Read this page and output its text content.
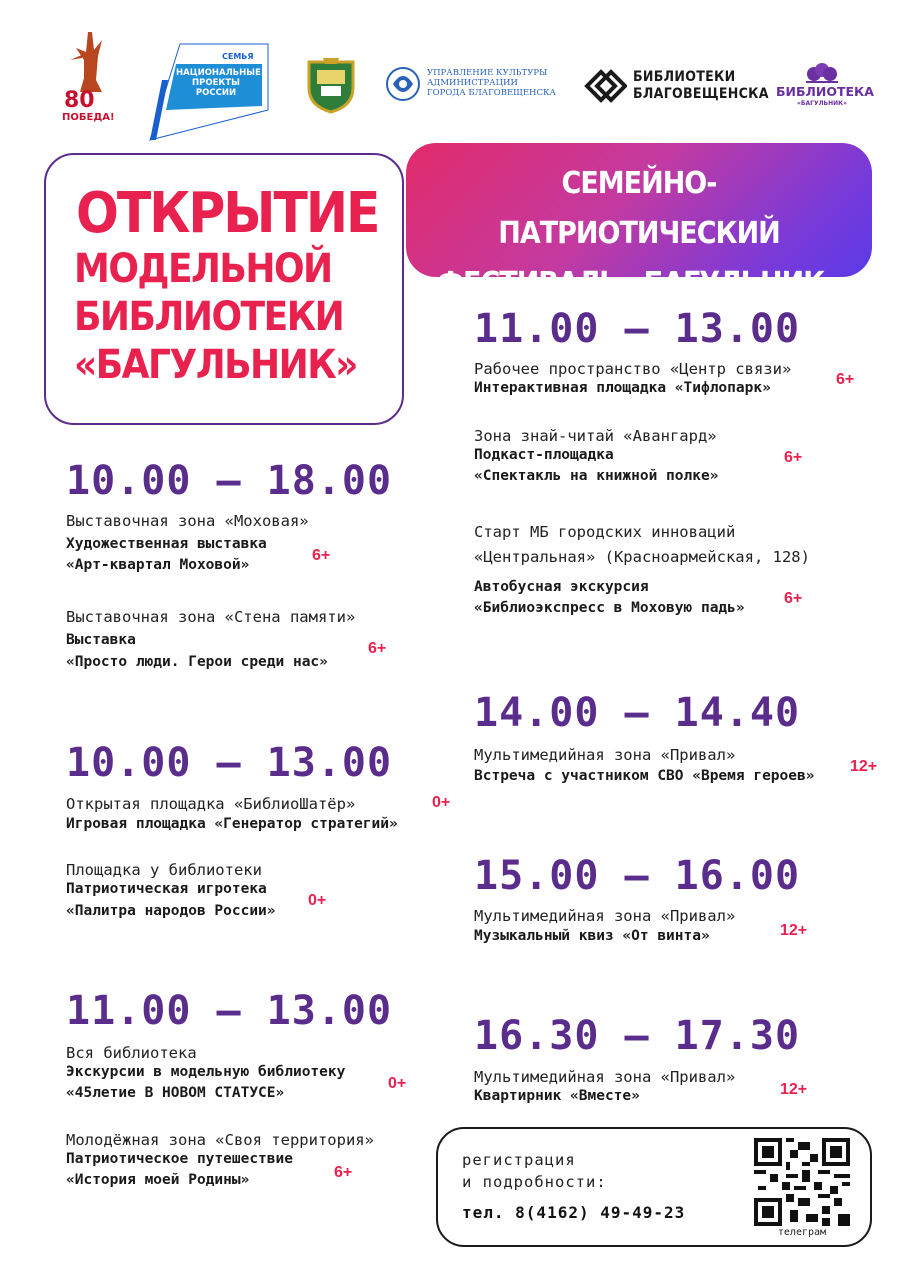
80
ПОБЕДА!
СЕМЬЯ
НАЦИОНАЛЬНЫЕ
ПРОЕКТЫ
РОССИИ
УПРАВЛЕНИЕ КУЛЬТУРЫ
АДМИНИСТРАЦИИ
ГОРОДА БЛАГОВЕЩЕНСКА
БИБЛИОТЕКИ
БЛАГОВЕЩЕНСКА БИБЛИОТЕКА
«БАГУЛЬНИК»
ОТКРЫТИЕ
МОДЕЛЬНОЙ
БИБЛИОТЕКИ
«БАГУЛЬНИК»
СЕМЕЙНО-ПАТРИОТИЧЕСКИЙ
ФЕСТИВАЛЬ «БАГУЛЬНИК»
10.00 – 18.00
Выставочная зона «Моховая»
Художественная выставка
«Арт-квартал Моховой»
6+
Выставочная зона «Стена памяти»
Выставка
«Просто люди. Герои среди нас»
6+
10.00 – 13.00
Открытая площадка «БиблиоШатёр»
Игровая площадка «Генератор стратегий»
0+
Площадка у библиотеки
Патриотическая игротека
«Палитра народов России»
0+
11.00 – 13.00
Вся библиотека
Экскурсии в модельную библиотеку
«45летие В НОВОМ СТАТУСЕ»
0+
Молодёжная зона «Своя территория»
Патриотическое путешествие
«История моей Родины»	6+
11.00 – 13.00
Рабочее пространство «Центр связи»
Интерактивная площадка «Тифлопарк»	6+
Зона знай-читай «Авангард»
Подкаст-площадка
«Спектакль на книжной полке»
6+
Старт МБ городских инноваций
«Центральная» (Красноармейская, 128)
Автобусная экскурсия
«Библиоэкспресс в Моховую падь»
6+
14.00 – 14.40
Мультимедийная зона «Привал»
Встреча с участником СВО «Время героев»
12+
15.00 – 16.00
Мультимедийная зона «Привал»
Музыкальный квиз «От винта»	12+
16.30 – 17.30
Мультимедийная зона «Привал»
Квартирник «Вместе»	12+
регистрация
и подробности:
тел. 8(4162) 49-49-23
телеграм
